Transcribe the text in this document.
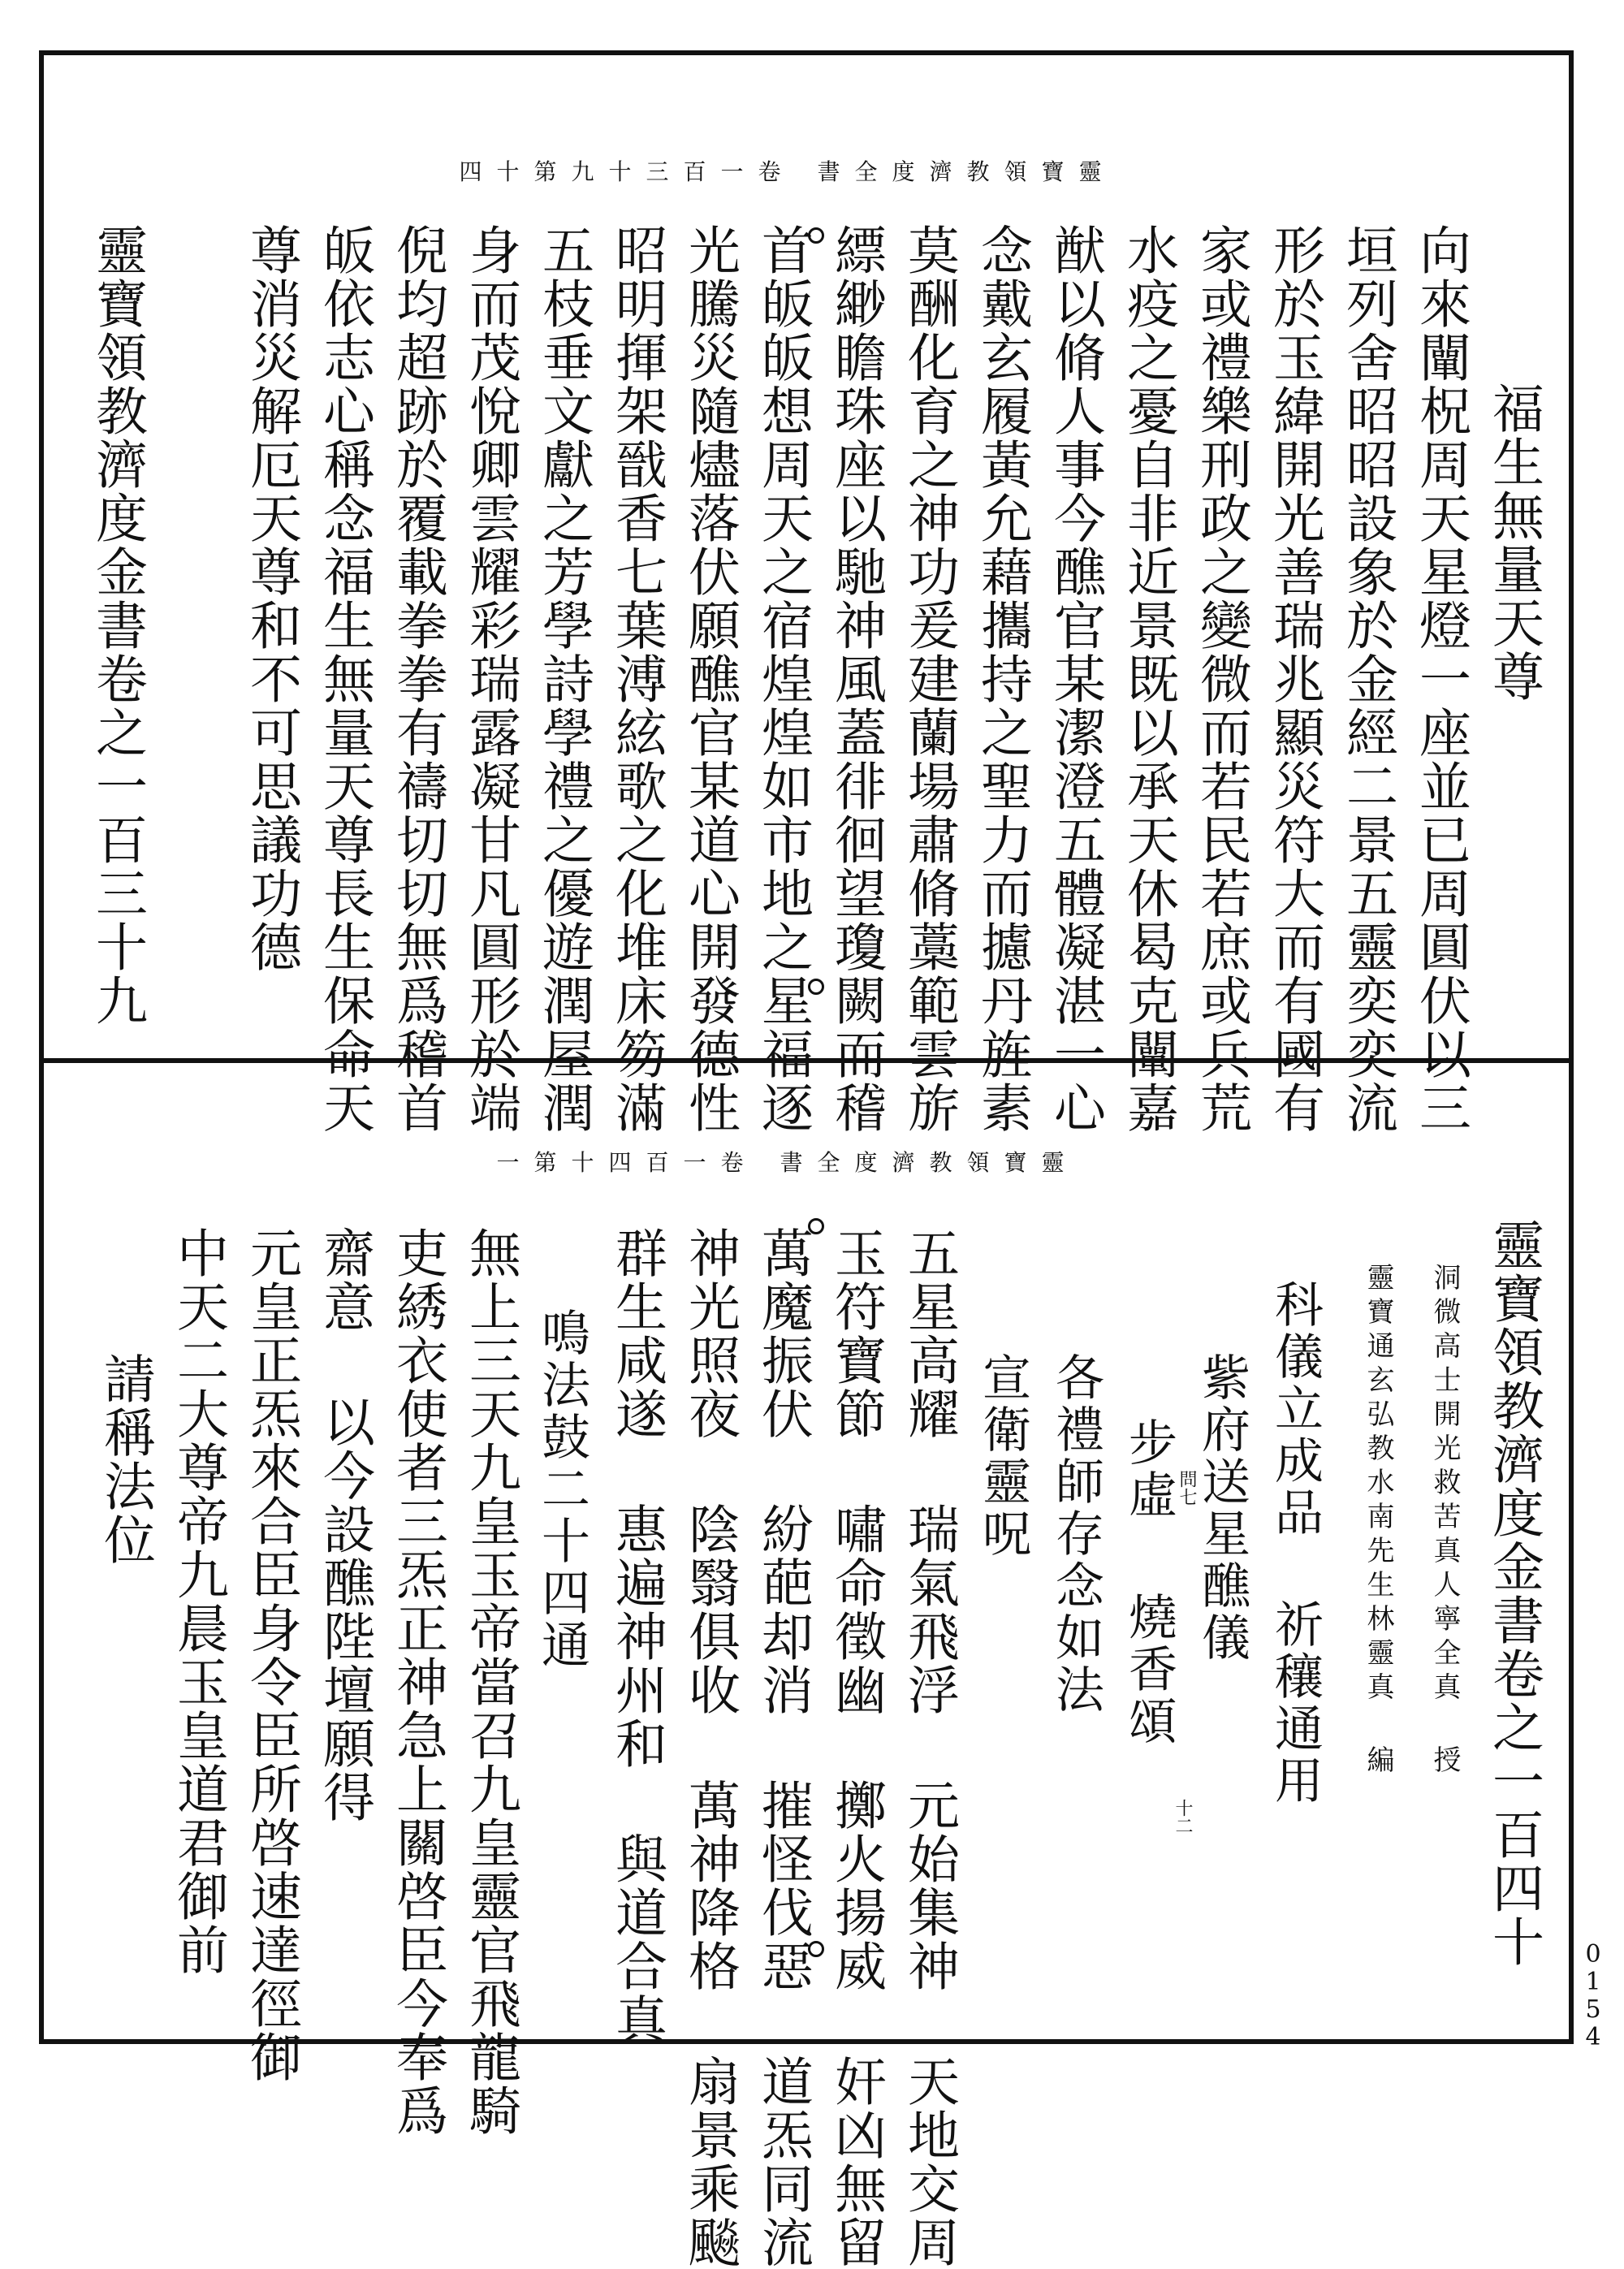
四十第九十三百一卷 書全度濟教領寶靈
福生無量天尊
向來闡柷周天星燈一座並已周圓伏以三
垣列舍昭昭設象於金經二景五靈奕奕流
形於玉緯開光善瑞兆顯災符大而有國有
家或禮樂刑政之變微而若民若庶或兵荒
水疫之憂自非近景既以承天休曷克闡嘉
猷以脩人事今醮官某潔澄五體凝湛一心
念戴玄履黃允藉攜持之聖力而攄丹旌素
莫酬化育之神功爰建蘭場肅脩藁範雲旂
縹緲瞻珠座以馳神風蓋徘徊望瓊闕而稽
首皈皈想周天之宿煌煌如市地之星福逐
光騰災隨燼落伏願醮官某道心開發德性
昭明揮架戩香七葉溥絃歌之化堆床笏滿
五枝垂文獻之芳學詩學禮之優遊潤屋潤
身而茂悅卿雲耀彩瑞露凝甘凡圓形於端
倪均超跡於覆載拳拳有禱切切無爲稽首
皈依志心稱念福生無量天尊長生保命天
尊消災解厄天尊和不可思議功德
靈寶領教濟度金書卷之一百三十九
一第十四百一卷 書全度濟教領寶靈
靈寶領教濟度金書卷之一百四十
洞微高士開光救苦真人寧全真 授
靈寶通玄弘教水南先生林靈真 編
科儀立成品 祈穰通用
紫府送星醮儀
問七
步虛
燒香頌
十二
各禮師存念如法
宣衛靈呪
五星高耀 瑞氣飛浮 元始集神 天地交周
玉符寶節 嘯命徵幽 擲火揚威 奸凶無留
萬魔振伏 紛葩却消 摧怪伐惡 道炁同流
神光照夜 陰翳俱收 萬神降格 扇景乘飈
群生咸遂 惠遍神州和 與道合真
鳴法鼓二十四通
無上三天九皇玉帝當召九皇靈官飛龍騎
吏綉衣使者三炁正神急上關啓臣今奉爲
齋意 以今設醮陛壇願得
元皇正炁來合臣身令臣所啓速達徑御
中天二大尊帝九晨玉皇道君御前
請稱法位
0
1
5
4
